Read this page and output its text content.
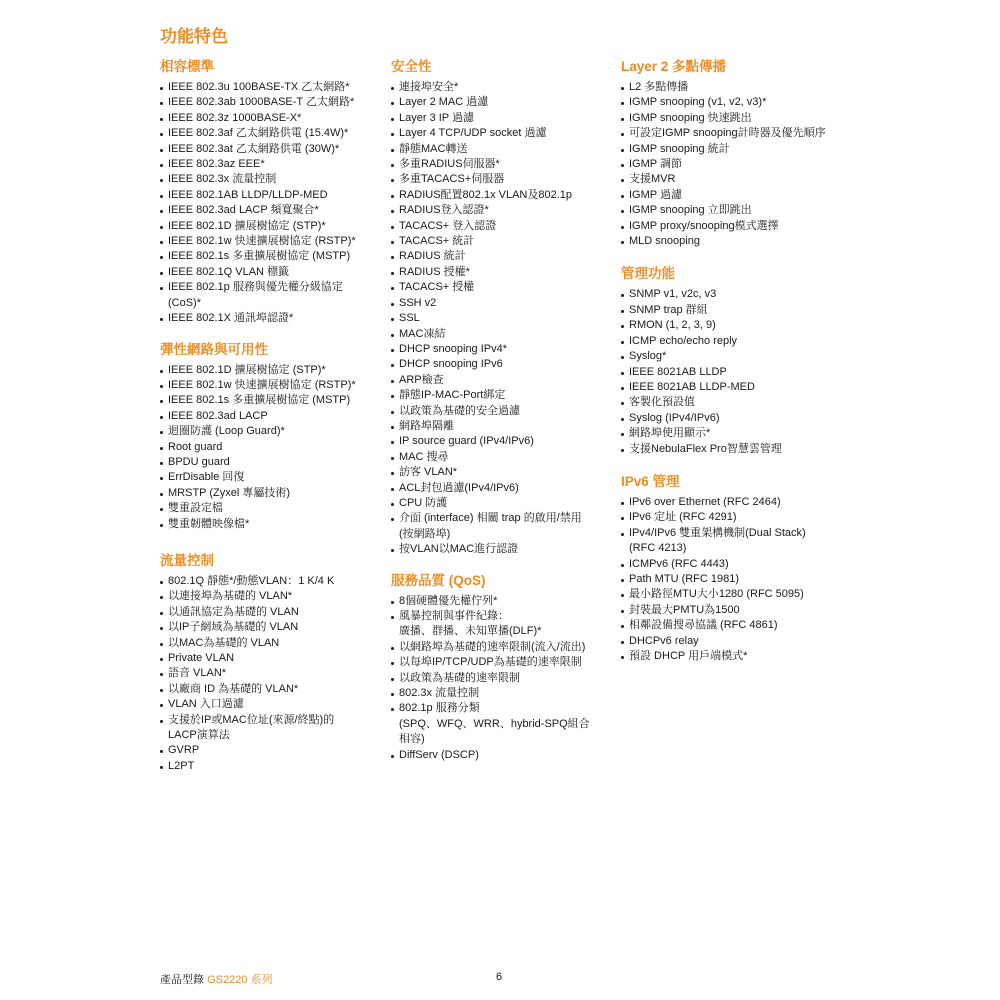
功能特色
相容標準
IEEE 802.3u 100BASE-TX 乙太網路*
IEEE 802.3ab 1000BASE-T 乙太網路*
IEEE 802.3z 1000BASE-X*
IEEE 802.3af 乙太網路供電 (15.4W)*
IEEE 802.3at 乙太網路供電 (30W)*
IEEE 802.3az EEE*
IEEE 802.3x 流量控制
IEEE 802.1AB LLDP/LLDP-MED
IEEE 802.3ad LACP 頻寬聚合*
IEEE 802.1D 擴展樹協定 (STP)*
IEEE 802.1w 快速擴展樹協定 (RSTP)*
IEEE 802.1s 多重擴展樹協定 (MSTP)
IEEE 802.1Q VLAN 標籤
IEEE 802.1p 服務與優先權分級協定
(CoS)*
IEEE 802.1X 通訊埠認證*
彈性網路與可用性
IEEE 802.1D 擴展樹協定 (STP)*
IEEE 802.1w 快速擴展樹協定 (RSTP)*
IEEE 802.1s 多重擴展樹協定 (MSTP)
IEEE 802.3ad LACP
迴圈防護 (Loop Guard)*
Root guard
BPDU guard
ErrDisable 回復
MRSTP (Zyxel 專屬技術)
雙重設定檔
雙重韌體映像檔*
流量控制
802.1Q 靜態*/動態VLAN：1 K/4 K
以連接埠為基礎的 VLAN*
以通訊協定為基礎的 VLAN
以IP子網域為基礎的 VLAN
以MAC為基礎的 VLAN
Private VLAN
語音 VLAN*
以廠商 ID 為基礎的 VLAN*
VLAN 入口過濾
支援於IP或MAC位址(來源/終點)的
LACP演算法
GVRP
L2PT
安全性
連接埠安全*
Layer 2 MAC 過濾
Layer 3 IP 過濾
Layer 4 TCP/UDP socket 過濾
靜態MAC轉送
多重RADIUS伺服器*
多重TACACS+伺服器
RADIUS配置802.1x VLAN及802.1p
RADIUS登入認證*
TACACS+ 登入認證
TACACS+ 統計
RADIUS 統計
RADIUS 授權*
TACACS+ 授權
SSH v2
SSL
MAC凍結
DHCP snooping IPv4*
DHCP snooping IPv6
ARP檢查
靜態IP-MAC-Port綁定
以政策為基礎的安全過濾
網路埠隔離
IP source guard (IPv4/IPv6)
MAC 搜尋
訪客 VLAN*
ACL封包過濾(IPv4/IPv6)
CPU 防護
介面 (interface) 相關 trap 的啟用/禁用
(按網路埠)
按VLAN以MAC進行認證
服務品質 (QoS)
8個硬體優先權佇列*
風暴控制與事件紀錄：
廣播、群播、未知單播(DLF)*
以網路埠為基礎的速率限制(流入/流出)
以每埠IP/TCP/UDP為基礎的速率限制
以政策為基礎的速率限制
802.3x 流量控制
802.1p 服務分類
(SPQ、WFQ、WRR、hybrid-SPQ組合
相容)
DiffServ (DSCP)
Layer 2 多點傳播
L2 多點傳播
IGMP snooping (v1, v2, v3)*
IGMP snooping 快速跳出
可設定IGMP snooping計時器及優先順序
IGMP snooping 統計
IGMP 調節
支援MVR
IGMP 過濾
IGMP snooping 立即跳出
IGMP proxy/snooping模式選擇
MLD snooping
管理功能
SNMP v1, v2c, v3
SNMP trap 群組
RMON (1, 2, 3, 9)
ICMP echo/echo reply
Syslog*
IEEE 8021AB LLDP
IEEE 8021AB LLDP-MED
客製化預設值
Syslog (IPv4/IPv6)
網路埠使用顯示*
支援NebulaFlex Pro智慧雲管理
IPv6 管理
IPv6 over Ethernet (RFC 2464)
IPv6 定址 (RFC 4291)
IPv4/IPv6 雙重架構機制(Dual Stack)
(RFC 4213)
ICMPv6 (RFC 4443)
Path MTU (RFC 1981)
最小路徑MTU大小1280 (RFC 5095)
封裝最大PMTU為1500
相鄰設備搜尋協議 (RFC 4861)
DHCPv6 relay
預設 DHCP 用戶端模式*
產品型錄 GS2220 系列	6
